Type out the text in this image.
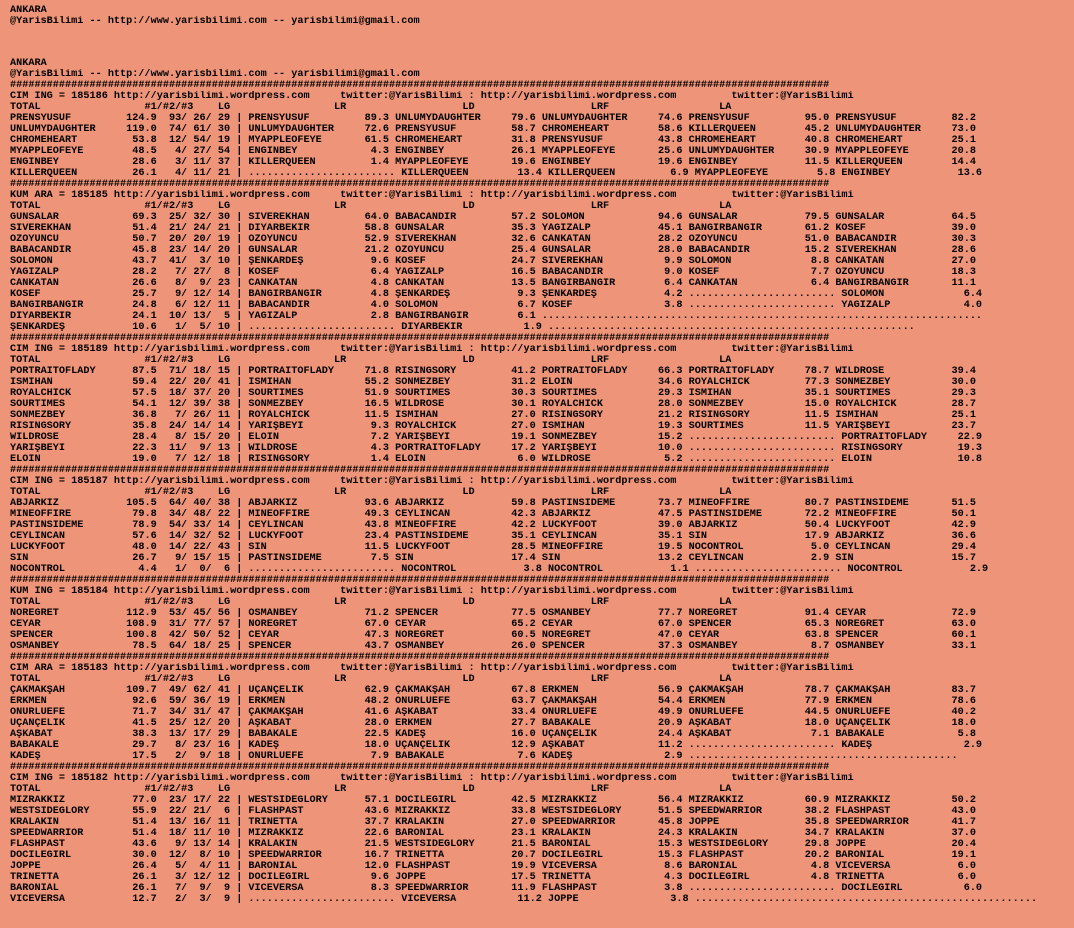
ANKARA
@YarisBilimi -- http://www.yarisbilimi.com -- yarisbilimi@gmail.com
ANKARA
@YarisBilimi -- http://www.yarisbilimi.com -- yarisbilimi@gmail.com
######################################################################################################################################
CIM ING = 185186 http://yarisbilimi.wordpress.com     twitter:@YarisBilimi : http://yarisbilimi.wordpress.com         twitter:@YarisBilimi
TOTAL                 #1/#2/#3    LG                 LR                   LD                   LRF                  LA
PRENSYUSUF         124.9  93/ 26/ 29 | PRENSYUSUF         89.3 ÜNLÜMYDAUGHTER     79.6 ÜNLÜMYDAUGHTER     74.6 PRENSYUSUF         95.0 PRENSYUSUF         82.2
ÜNLÜMYDAUGHTER     119.0  74/ 61/ 30 | ÜNLÜMYDAUGHTER     72.6 PRENSYUSUF         58.7 CHROMEHEART        58.6 KILLERQUEEN        45.2 ÜNLÜMYDAUGHTER     73.0
CHROMEHEART         53.8  12/ 54/ 19 | MYAPPLEOFEYE       61.5 CHROMEHEART        31.8 PRENSYUSUF         43.8 CHROMEHEART        40.8 CHROMEHEART        25.1
MYAPPLEOFEYE        48.5   4/ 27/ 54 | ENGINBEY            4.3 ENGINBEY           26.1 MYAPPLEOFEYE       25.6 ÜNLÜMYDAUGHTER     30.9 MYAPPLEOFEYE       20.8
ENGINBEY            28.6   3/ 11/ 37 | KILLERQUEEN         1.4 MYAPPLEOFEYE       19.6 ENGINBEY           19.6 ENGINBEY           11.5 KILLERQUEEN        14.4
KILLERQUEEN         26.1   4/ 11/ 21 | ........................ KILLERQUEEN        13.4 KILLERQUEEN         6.9 MYAPPLEOFEYE        5.8 ENGINBEY           13.6
######################################################################################################################################
KUM ARA = 185185 http://yarisbilimi.wordpress.com     twitter:@YarisBilimi : http://yarisbilimi.wordpress.com         twitter:@YarisBilimi
TOTAL                 #1/#2/#3    LG                 LR                   LD                   LRF                  LA
GÜNSALAR            69.3  25/ 32/ 30 | SİVEREKHAN         64.0 BABACANDIR         57.2 SOLOMON            94.6 GÜNSALAR           79.5 GÜNSALAR           64.5
SİVEREKHAN          51.4  21/ 24/ 21 | DİYARBEKİR         58.8 GÜNSALAR           35.3 YAĞIZALP           45.1 BANGIRBANGIR       61.2 KÖSEF              39.0
ÖZOYUNCU            50.7  20/ 20/ 19 | ÖZOYUNCU           52.9 SİVEREKHAN         32.6 CANKATAN           28.2 ÖZOYUNCU           51.0 BABACANDIR         30.3
BABACANDIR          45.8  23/ 14/ 20 | GÜNSALAR           21.2 ÖZOYUNCU           25.4 GÜNSALAR           28.0 BABACANDIR         15.2 SİVEREKHAN         28.6
SOLOMON             43.7  41/  3/ 10 | ŞENKARDEŞ           9.6 KÖSEF              24.7 SİVEREKHAN          9.9 SOLOMON             8.8 CANKATAN           27.0
YAĞIZALP            28.2   7/ 27/  8 | KÖSEF               6.4 YAĞIZALP           16.5 BABACANDIR          9.0 KÖSEF               7.7 ÖZOYUNCU           18.3
CANKATAN            26.6   8/  9/ 23 | CANKATAN            4.8 CANKATAN           13.5 BANGIRBANGIR        6.4 CANKATAN            6.4 BANGIRBANGIR       11.1
KÖSEF               25.7   9/ 12/ 14 | BANGIRBANGIR        4.8 ŞENKARDEŞ           9.3 ŞENKARDEŞ           4.2 ........................ SOLOMON             6.4
BANGIRBANGIR        24.8   6/ 12/ 11 | BABACANDIR          4.0 SOLOMON             6.7 KÖSEF               3.8 ........................ YAĞIZALP            4.0
DİYARBEKİR          24.1  10/ 13/  5 | YAĞIZALP            2.8 BANGIRBANGIR        6.1 ........................................................................
ŞENKARDEŞ           10.6   1/  5/ 10 | ........................ DİYARBEKİR          1.9 ............................................................
######################################################################################################################################
CIM ING = 185189 http://yarisbilimi.wordpress.com     twitter:@YarisBilimi : http://yarisbilimi.wordpress.com         twitter:@YarisBilimi
TOTAL                 #1/#2/#3    LG                 LR                   LD                   LRF                  LA
PORTRAITOFLADY      87.5  71/ 18/ 15 | PORTRAITOFLADY     71.8 RISINGSORY         41.2 PORTRAITOFLADY     66.3 PORTRAITOFLADY     78.7 WILDROSE           39.4
İSMİHAN             59.4  22/ 20/ 41 | İSMİHAN            55.2 SÖNMEZBEY          31.2 ELOIN              34.6 ROYALCHICK         77.3 SÖNMEZBEY          30.0
ROYALCHICK          57.5  18/ 37/ 20 | SOURTIMES          51.9 SOURTIMES          30.3 SOURTIMES          29.3 İSMİHAN            35.1 SOURTIMES          29.3
SOURTIMES           54.1  12/ 39/ 38 | SÖNMEZBEY          16.5 WILDROSE           30.1 ROYALCHICK         28.0 SÖNMEZBEY          15.0 ROYALCHICK         28.7
SÖNMEZBEY           36.8   7/ 26/ 11 | ROYALCHICK         11.5 İSMİHAN            27.0 RISINGSORY         21.2 RISINGSORY         11.5 İSMİHAN            25.1
RISINGSORY          35.8  24/ 14/ 14 | YARIŞBEYİ           9.3 ROYALCHICK         27.0 İSMİHAN            19.3 SOURTIMES          11.5 YARIŞBEYİ          23.7
WILDROSE            28.4   8/ 15/ 20 | ELOIN               7.2 YARIŞBEYİ          19.1 SÖNMEZBEY          15.2 ........................ PORTRAITOFLADY     22.9
YARIŞBEYİ           22.3  11/  9/ 13 | WILDROSE            4.3 PORTRAITOFLADY     17.2 YARIŞBEYİ          10.0 ........................ RISINGSORY         19.3
ELOIN               19.0   7/ 12/ 18 | RISINGSORY          1.4 ELOIN               6.0 WILDROSE            5.2 ........................ ELOIN              10.8
######################################################################################################################################
CIM ING = 185187 http://yarisbilimi.wordpress.com     twitter:@YarisBilimi : http://yarisbilimi.wordpress.com         twitter:@YarisBilimi
TOTAL                 #1/#2/#3    LG                 LR                   LD                   LRF                  LA
ABJARKIZ           105.5  64/ 40/ 38 | ABJARKIZ           93.6 ABJARKIZ           59.8 PASTINSIDEME       73.7 MINEOFFIRE         80.7 PASTINSIDEME       51.5
MINEOFFIRE          79.8  34/ 48/ 22 | MINEOFFIRE         49.3 CEYLINCAN          42.3 ABJARKIZ           47.5 PASTINSIDEME       72.2 MINEOFFIRE         50.1
PASTINSIDEME        78.9  54/ 33/ 14 | CEYLINCAN          43.8 MINEOFFIRE         42.2 LUCKYFOOT          39.0 ABJARKIZ           50.4 LUCKYFOOT          42.9
CEYLINCAN           57.6  14/ 32/ 52 | LUCKYFOOT          23.4 PASTINSIDEME       35.1 CEYLINCAN          35.1 SIN                17.9 ABJARKIZ           36.6
LUCKYFOOT           48.0  14/ 22/ 43 | SIN                11.5 LUCKYFOOT          28.5 MINEOFFIRE         19.5 NOCONTROL           5.0 CEYLINCAN          29.4
SIN                 26.7   9/ 15/ 15 | PASTINSIDEME        7.5 SIN                17.4 SIN                13.2 CEYLINCAN           2.9 SIN                15.7
NOCONTROL            4.4   1/  0/  6 | ........................ NOCONTROL           3.8 NOCONTROL           1.1 ........................ NOCONTROL           2.9
######################################################################################################################################
KUM ING = 185184 http://yarisbilimi.wordpress.com     twitter:@YarisBilimi : http://yarisbilimi.wordpress.com         twitter:@YarisBilimi
TOTAL                 #1/#2/#3    LG                 LR                   LD                   LRF                  LA
NOREGRET           112.9  53/ 45/ 56 | OSMANBEY           71.2 SPENCER            77.5 OSMANBEY           77.7 NOREGRET           91.4 CEYAR              72.9
CEYAR              108.9  31/ 77/ 57 | NOREGRET           67.0 CEYAR              65.2 CEYAR              67.0 SPENCER            65.3 NOREGRET           63.0
SPENCER            100.8  42/ 50/ 52 | CEYAR              47.3 NOREGRET           60.5 NOREGRET           47.0 CEYAR              63.8 SPENCER            60.1
OSMANBEY            78.5  64/ 18/ 25 | SPENCER            43.7 OSMANBEY           26.0 SPENCER            37.3 OSMANBEY            8.7 OSMANBEY           33.1
######################################################################################################################################
CIM ARA = 185183 http://yarisbilimi.wordpress.com     twitter:@YarisBilimi : http://yarisbilimi.wordpress.com         twitter:@YarisBilimi
TOTAL                 #1/#2/#3    LG                 LR                   LD                   LRF                  LA
ÇAKMAKŞAH          109.7  49/ 62/ 41 | UÇANÇELİK          62.9 ÇAKMAKŞAH          67.8 ERKMEN             56.9 ÇAKMAKŞAH          78.7 ÇAKMAKŞAH          83.7
ERKMEN              92.6  59/ 36/ 19 | ERKMEN             48.2 ONURLUEFE          63.7 ÇAKMAKŞAH          54.4 ERKMEN             77.9 ERKMEN             78.6
ONURLUEFE           71.7  34/ 31/ 47 | ÇAKMAKŞAH          41.6 AŞKABAT            33.4 ONURLUEFE          49.9 ONURLUEFE          44.5 ONURLUEFE          40.2
UÇANÇELİK           41.5  25/ 12/ 20 | AŞKABAT            28.0 ERKMEN             27.7 BABAKALE           20.9 AŞKABAT            18.0 UÇANÇELİK          18.0
AŞKABAT             38.3  13/ 17/ 29 | BABAKALE           22.5 KADEŞ              16.0 UÇANÇELİK          24.4 AŞKABAT             7.1 BABAKALE            5.8
BABAKALE            29.7   8/ 23/ 16 | KADEŞ              18.0 UÇANÇELİK          12.9 AŞKABAT            11.2 ........................ KADEŞ               2.9
KADEŞ               17.5   2/  9/ 18 | ONURLUEFE           7.9 BABAKALE            7.6 KADEŞ               2.9 ............................................
######################################################################################################################################
CIM ING = 185182 http://yarisbilimi.wordpress.com     twitter:@YarisBilimi : http://yarisbilimi.wordpress.com         twitter:@YarisBilimi
TOTAL                 #1/#2/#3    LG                 LR                   LD                   LRF                  LA
MIZRAKKIZ           77.0  23/ 17/ 22 | WESTSIDEGLORY      57.1 DOCILEGIRL         42.5 MIZRAKKIZ          56.4 MIZRAKKIZ          60.9 MIZRAKKIZ          50.2
WESTSIDEGLORY       55.9  22/ 21/  6 | FLASHPAST          43.6 MIZRAKKIZ          33.8 WESTSIDEGLORY      51.5 SPEEDWARRIOR       38.2 FLASHPAST          43.0
KRALAKIN            51.4  13/ 16/ 11 | TRINETTA           37.7 KRALAKIN           27.0 SPEEDWARRIOR       45.8 JOPPE              35.8 SPEEDWARRIOR       41.7
SPEEDWARRIOR        51.4  18/ 11/ 10 | MIZRAKKIZ          22.6 BARONIAL           23.1 KRALAKIN           24.3 KRALAKIN           34.7 KRALAKIN           37.0
FLASHPAST           43.6   9/ 13/ 14 | KRALAKIN           21.5 WESTSIDEGLORY      21.5 BARONIAL           15.3 WESTSIDEGLORY      29.8 JOPPE              20.4
DOCILEGIRL          30.0  12/  8/ 10 | SPEEDWARRIOR       16.7 TRINETTA           20.7 DOCILEGIRL         15.3 FLASHPAST          20.2 BARONIAL           19.1
JOPPE               26.4   5/  4/ 11 | BARONIAL           12.0 FLASHPAST          19.9 VICEVERSA           8.6 BARONIAL            4.8 VICEVERSA           6.0
TRINETTA            26.1   3/ 12/ 12 | DOCILEGIRL          9.6 JOPPE              17.5 TRINETTA            4.3 DOCILEGIRL          4.8 TRINETTA            6.0
BARONIAL            26.1   7/  9/  9 | VICEVERSA           8.3 SPEEDWARRIOR       11.9 FLASHPAST           3.8 ........................ DOCILEGIRL          6.0
VICEVERSA           12.7   2/  3/  9 | ........................ VICEVERSA          11.2 JOPPE               3.8 ........................................................
